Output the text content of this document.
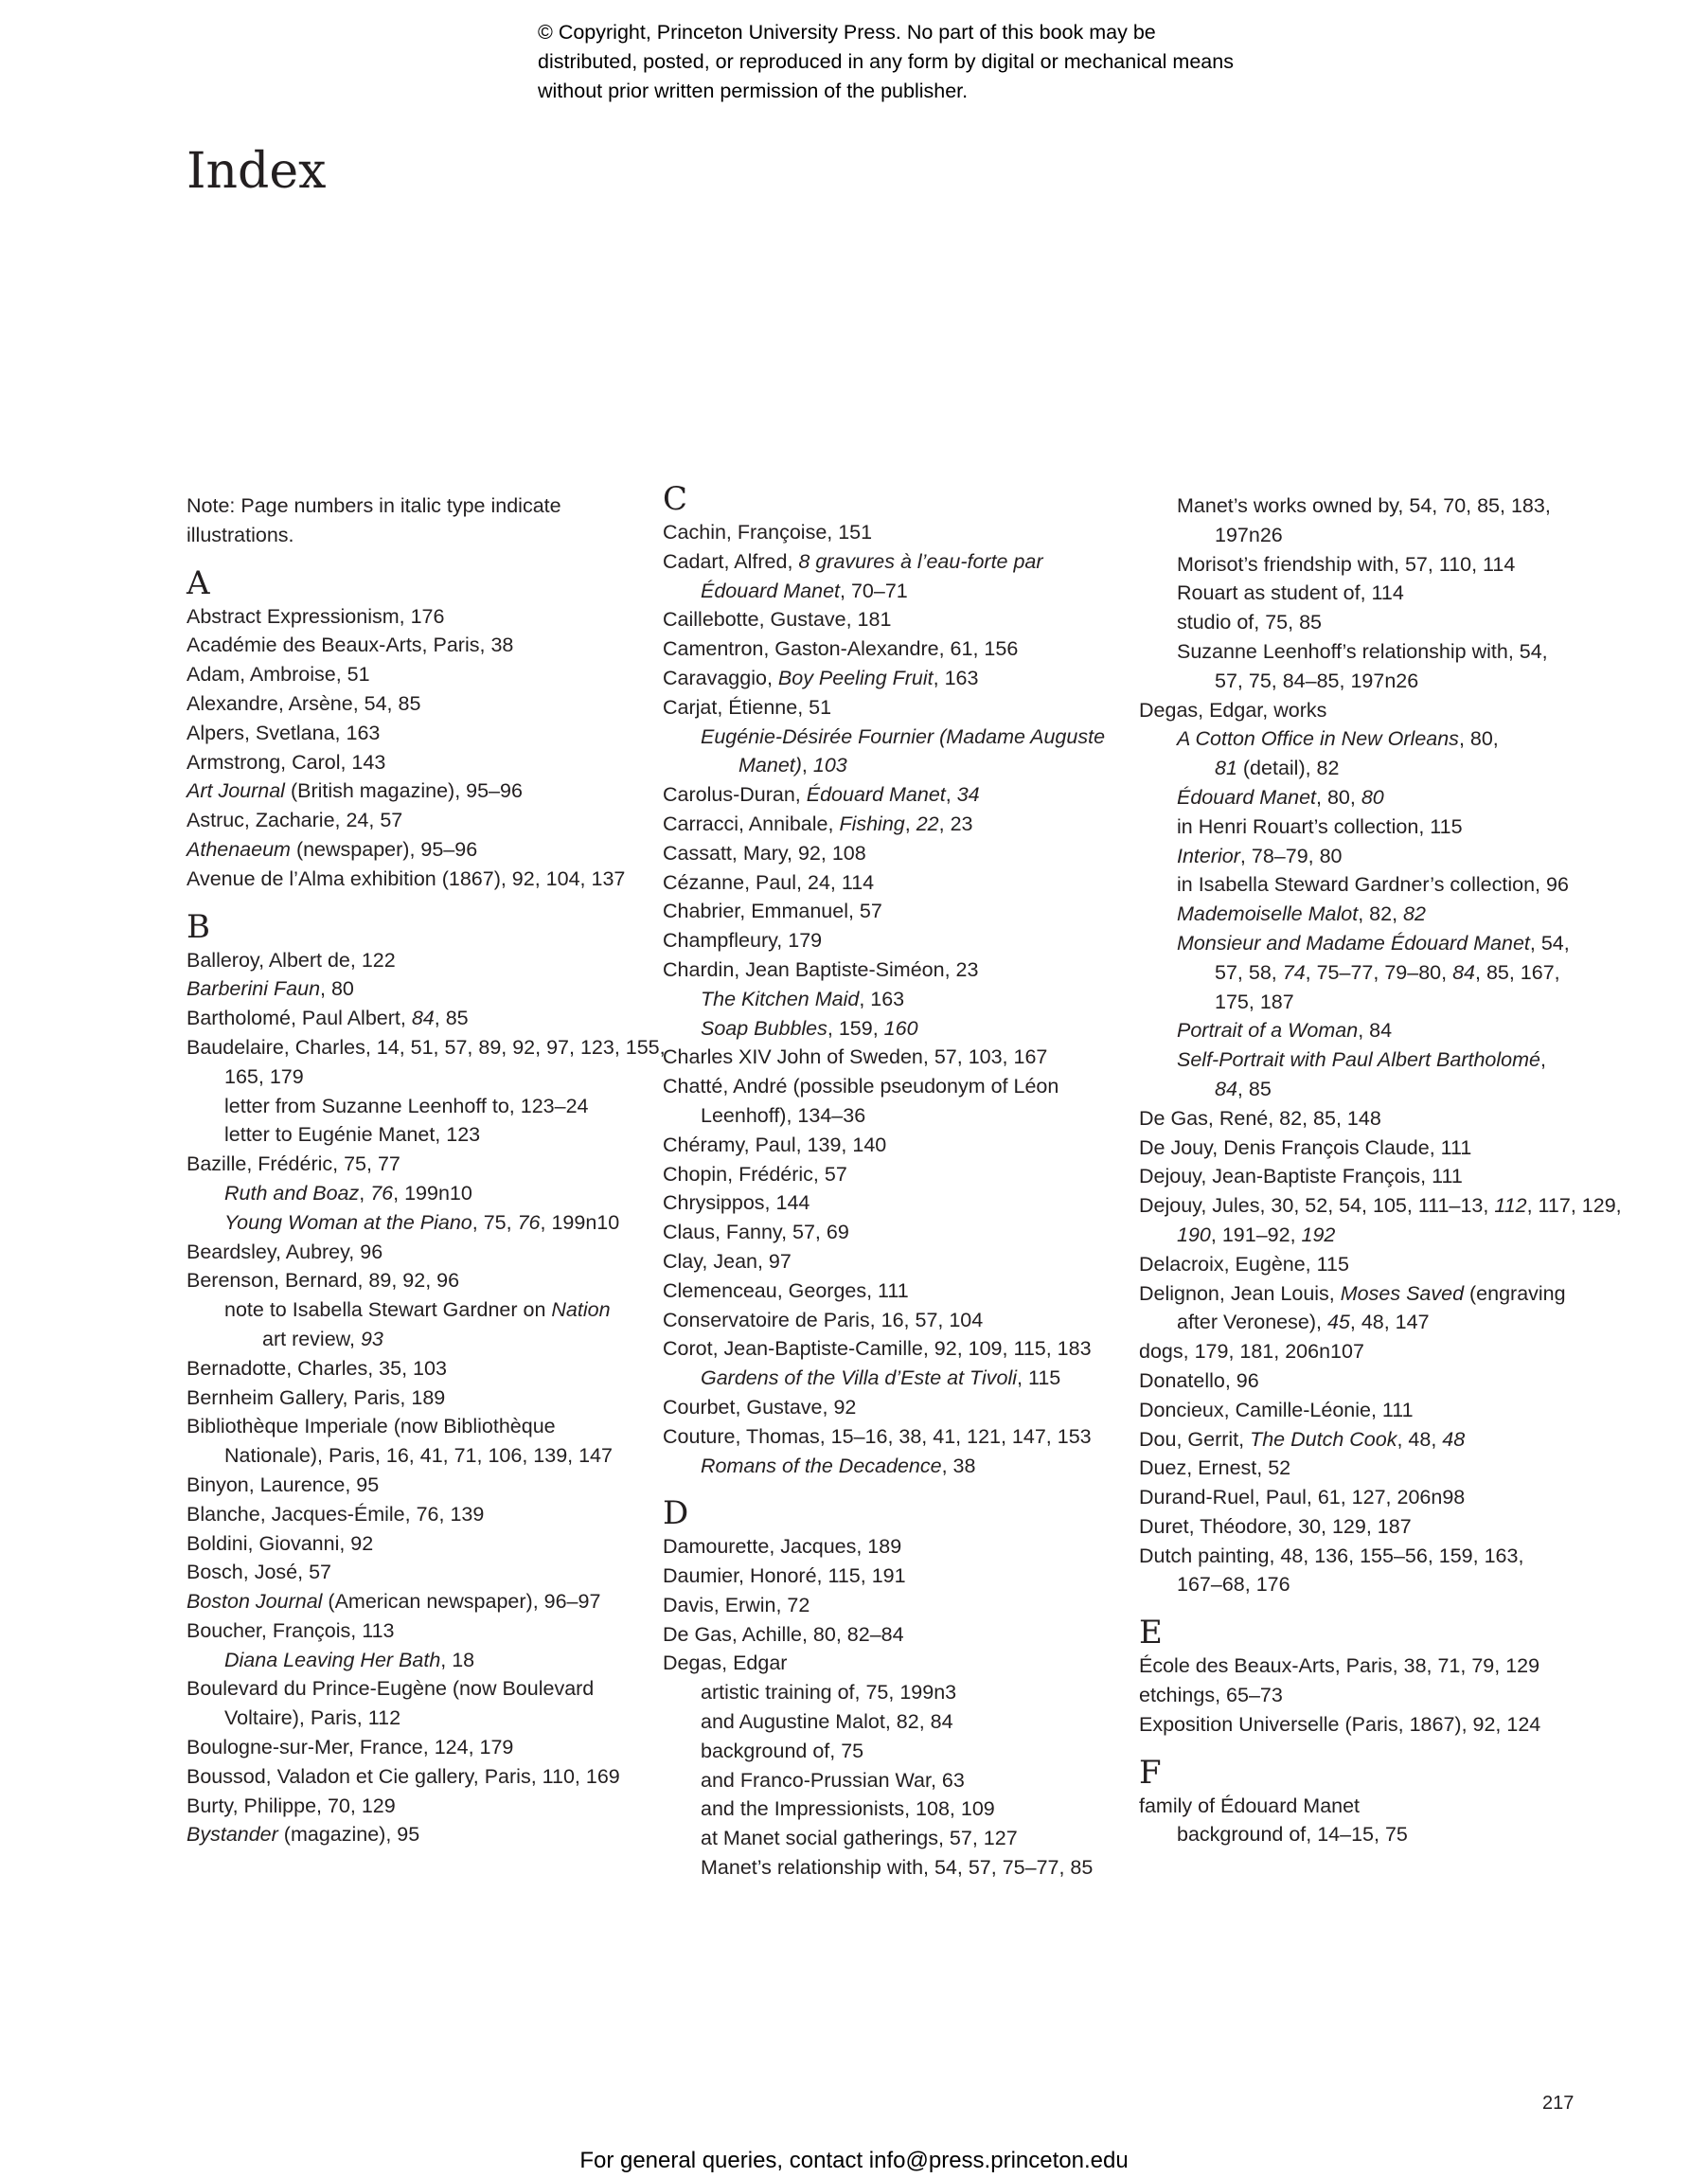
© Copyright, Princeton University Press. No part of this book may be distributed, posted, or reproduced in any form by digital or mechanical means without prior written permission of the publisher.
Index
Note: Page numbers in italic type indicate illustrations.
A
Abstract Expressionism, 176
Académie des Beaux-Arts, Paris, 38
Adam, Ambroise, 51
Alexandre, Arsène, 54, 85
Alpers, Svetlana, 163
Armstrong, Carol, 143
Art Journal (British magazine), 95–96
Astruc, Zacharie, 24, 57
Athenaeum (newspaper), 95–96
Avenue de l’Alma exhibition (1867), 92, 104, 137
B
Balleroy, Albert de, 122
Barberini Faun, 80
Bartholomé, Paul Albert, 84, 85
Baudelaire, Charles, 14, 51, 57, 89, 92, 97, 123, 155,
165, 179
letter from Suzanne Leenhoff to, 123–24
letter to Eugénie Manet, 123
Bazille, Frédéric, 75, 77
Ruth and Boaz, 76, 199n10
Young Woman at the Piano, 75, 76, 199n10
Beardsley, Aubrey, 96
Berenson, Bernard, 89, 92, 96
note to Isabella Stewart Gardner on Nation
art review, 93
Bernadotte, Charles, 35, 103
Bernheim Gallery, Paris, 189
Bibliothèque Imperiale (now Bibliothèque
Nationale), Paris, 16, 41, 71, 106, 139, 147
Binyon, Laurence, 95
Blanche, Jacques-Émile, 76, 139
Boldini, Giovanni, 92
Bosch, José, 57
Boston Journal (American newspaper), 96–97
Boucher, François, 113
Diana Leaving Her Bath, 18
Boulevard du Prince-Eugène (now Boulevard
Voltaire), Paris, 112
Boulogne-sur-Mer, France, 124, 179
Boussod, Valadon et Cie gallery, Paris, 110, 169
Burty, Philippe, 70, 129
Bystander (magazine), 95
C
Cachin, Françoise, 151
Cadart, Alfred, 8 gravures à l’eau-forte par
Édouard Manet, 70–71
Caillebotte, Gustave, 181
Camentron, Gaston-Alexandre, 61, 156
Caravaggio, Boy Peeling Fruit, 163
Carjat, Étienne, 51
Eugénie-Désirée Fournier (Madame Auguste
Manet), 103
Carolus-Duran, Édouard Manet, 34
Carracci, Annibale, Fishing, 22, 23
Cassatt, Mary, 92, 108
Cézanne, Paul, 24, 114
Chabrier, Emmanuel, 57
Champfleury, 179
Chardin, Jean Baptiste-Siméon, 23
The Kitchen Maid, 163
Soap Bubbles, 159, 160
Charles XIV John of Sweden, 57, 103, 167
Chatté, André (possible pseudonym of Léon
Leenhoff), 134–36
Chéramy, Paul, 139, 140
Chopin, Frédéric, 57
Chrysippos, 144
Claus, Fanny, 57, 69
Clay, Jean, 97
Clemenceau, Georges, 111
Conservatoire de Paris, 16, 57, 104
Corot, Jean-Baptiste-Camille, 92, 109, 115, 183
Gardens of the Villa d’Este at Tivoli, 115
Courbet, Gustave, 92
Couture, Thomas, 15–16, 38, 41, 121, 147, 153
Romans of the Decadence, 38
D
Damourette, Jacques, 189
Daumier, Honoré, 115, 191
Davis, Erwin, 72
De Gas, Achille, 80, 82–84
Degas, Edgar
artistic training of, 75, 199n3
and Augustine Malot, 82, 84
background of, 75
and Franco-Prussian War, 63
and the Impressionists, 108, 109
at Manet social gatherings, 57, 127
Manet’s relationship with, 54, 57, 75–77, 85
Manet’s works owned by, 54, 70, 85, 183,
197n26
Morisot’s friendship with, 57, 110, 114
Rouart as student of, 114
studio of, 75, 85
Suzanne Leenhoff’s relationship with, 54,
57, 75, 84–85, 197n26
Degas, Edgar, works
A Cotton Office in New Orleans, 80,
81 (detail), 82
Édouard Manet, 80, 80
in Henri Rouart’s collection, 115
Interior, 78–79, 80
in Isabella Steward Gardner’s collection, 96
Mademoiselle Malot, 82, 82
Monsieur and Madame Édouard Manet, 54,
57, 58, 74, 75–77, 79–80, 84, 85, 167,
175, 187
Portrait of a Woman, 84
Self-Portrait with Paul Albert Bartholomé,
84, 85
De Gas, René, 82, 85, 148
De Jouy, Denis François Claude, 111
Dejouy, Jean-Baptiste François, 111
Dejouy, Jules, 30, 52, 54, 105, 111–13, 112, 117, 129,
190, 191–92, 192
Delacroix, Eugène, 115
Delignon, Jean Louis, Moses Saved (engraving
after Veronese), 45, 48, 147
dogs, 179, 181, 206n107
Donatello, 96
Doncieux, Camille-Léonie, 111
Dou, Gerrit, The Dutch Cook, 48, 48
Duez, Ernest, 52
Durand-Ruel, Paul, 61, 127, 206n98
Duret, Théodore, 30, 129, 187
Dutch painting, 48, 136, 155–56, 159, 163,
167–68, 176
E
École des Beaux-Arts, Paris, 38, 71, 79, 129
etchings, 65–73
Exposition Universelle (Paris, 1867), 92, 124
F
family of Édouard Manet
background of, 14–15, 75
217
For general queries, contact info@press.princeton.edu
